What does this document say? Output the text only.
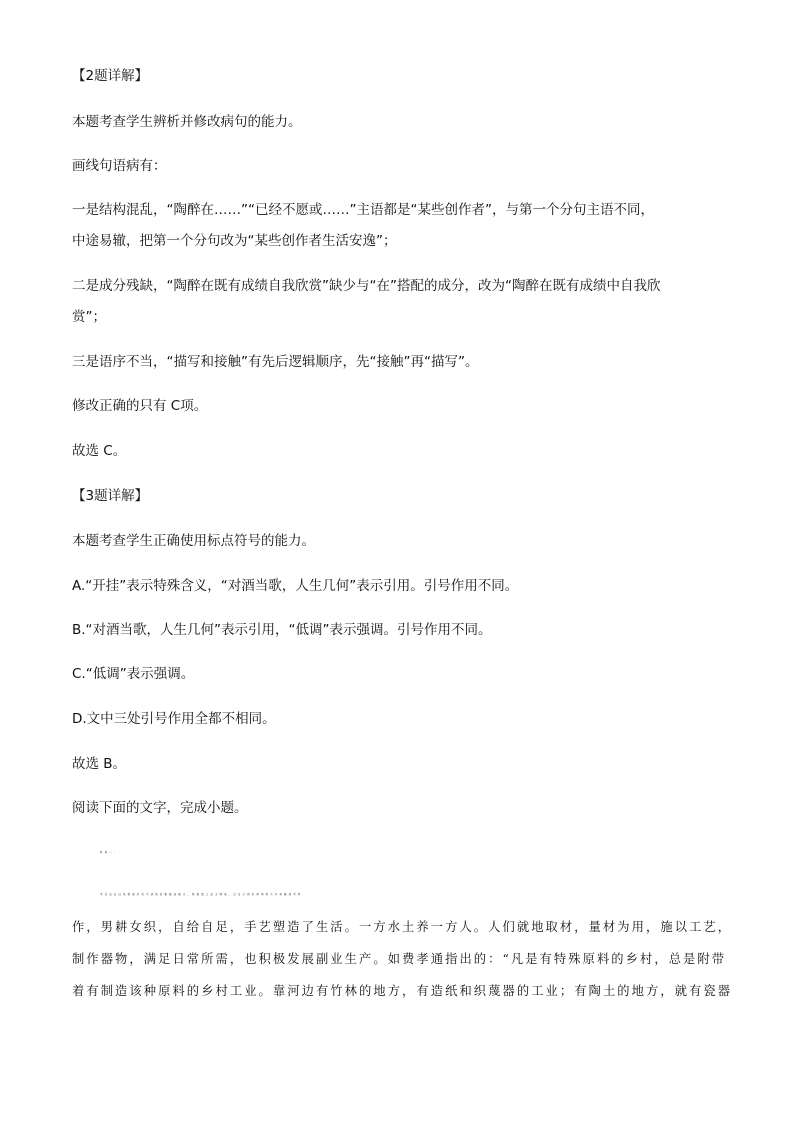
【2题详解】
本题考查学生辨析并修改病句的能力。
画线句语病有：
一是结构混乱，“陶醉在……”“已经不愿或……”主语都是“某些创作者”，与第一个分句主语不同，
中途易辙，把第一个分句改为“某些创作者生活安逸”；
二是成分残缺，“陶醉在既有成绩自我欣赏”缺少与“在”搭配的成分，改为“陶醉在既有成绩中自我欣
赏”；
三是语序不当，“描写和接触”有先后逻辑顺序，先“接触”再“描写”。
修改正确的只有 C项。
故选 C。
【3题详解】
本题考查学生正确使用标点符号的能力。
A.“开挂”表示特殊含义，“对酒当歌，人生几何”表示引用。引号作用不同。
B.“对酒当歌，人生几何”表示引用，“低调”表示强调。引号作用不同。
C.“低调”表示强调。
D.文中三处引号作用全都不相同。
故选 B。
阅读下面的文字，完成小题。
材料一:
手艺自古以来就是乡村生活的重要组成部分。特别是工业文明前，过日子的吃穿用度大多有赖双手劳
作，男耕女织，自给自足，手艺塑造了生活。一方水土养一方人。人们就地取材，量材为用，施以工艺，
制作器物，满足日常所需，也积极发展副业生产。如费孝通指出的：“凡是有特殊原料的乡村，总是附带
着有制造该种原料的乡村工业。靠河边有竹林的地方，有造纸和织蔑器的工业；有陶土的地方，就有瓷器
